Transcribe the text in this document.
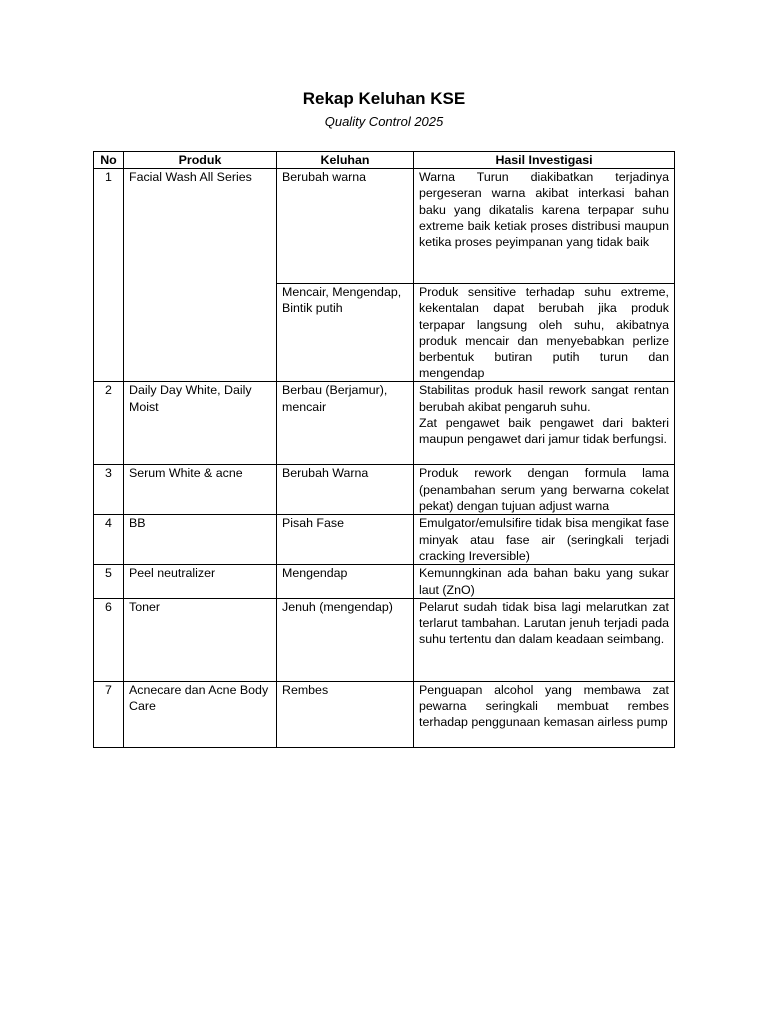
Rekap Keluhan KSE
Quality Control 2025
No	Produk	Keluhan	Hasil Investigasi
1	Facial Wash All Series	Berubah warna	Warna Turun diakibatkan terjadinya pergeseran warna akibat interkasi bahan baku yang dikatalis karena terpapar suhu extreme baik ketiak proses distribusi maupun ketika proses peyimpanan yang tidak baik
		Mencair, Mengendap, Bintik putih	Produk sensitive terhadap suhu extreme, kekentalan dapat berubah jika produk terpapar langsung oleh suhu, akibatnya produk mencair dan menyebabkan perlize berbentuk butiran putih turun dan mengendap
2	Daily Day White, Daily Moist	Berbau (Berjamur), mencair	Stabilitas produk hasil rework sangat rentan berubah akibat pengaruh suhu.
Zat pengawet baik pengawet dari bakteri maupun pengawet dari jamur tidak berfungsi.

3	Serum White & acne	Berubah Warna	Produk rework dengan formula lama (penambahan serum yang berwarna cokelat pekat) dengan tujuan adjust warna
4	BB	Pisah Fase	Emulgator/emulsifire tidak bisa mengikat fase minyak atau fase air (seringkali terjadi cracking Ireversible)
5	Peel neutralizer	Mengendap	Kemunngkinan ada bahan baku yang sukar laut (ZnO)
6	Toner	Jenuh (mengendap)	Pelarut sudah tidak bisa lagi melarutkan zat terlarut tambahan. Larutan jenuh terjadi pada suhu tertentu dan dalam keadaan seimbang.
7	Acnecare dan Acne Body Care	Rembes	Penguapan alcohol yang membawa zat pewarna seringkali membuat rembes terhadap penggunaan kemasan airless pump
